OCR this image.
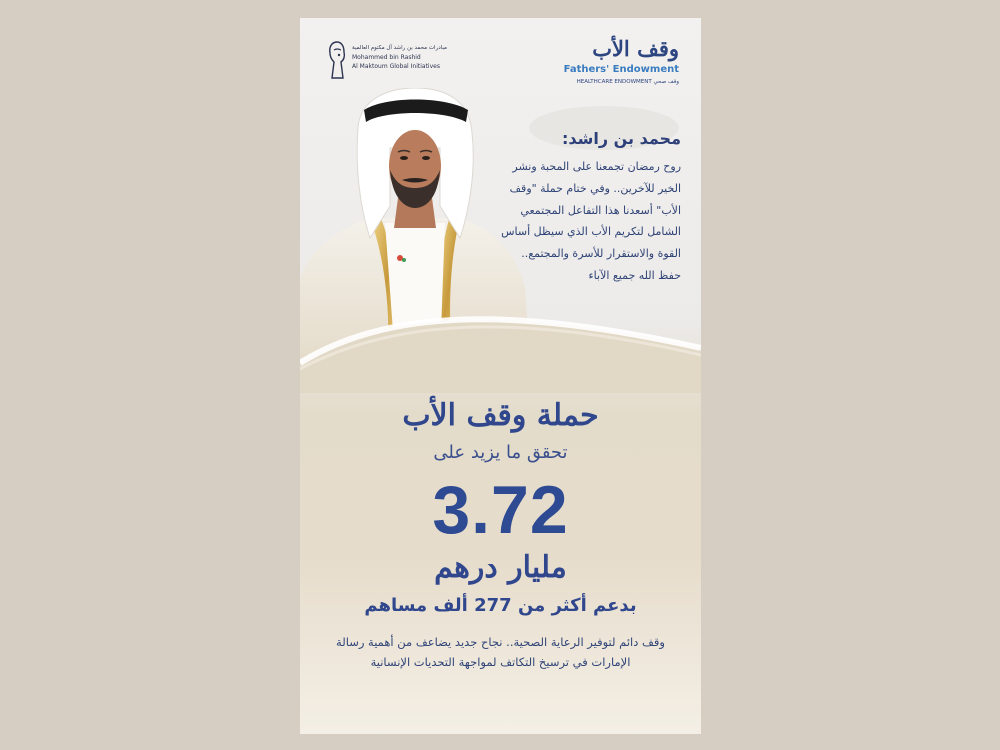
مبادرات محمد بن راشد آل مكتوم العالمية
Mohammed bin Rashid
Al Maktoum Global Initiatives
وقف الأب
Fathers' Endowment
HEALTHCARE ENDOWMENT وقف صحي

محمد بن راشد:

روح رمضان تجمعنا على المحبة ونشر الخير للآخرين.. وفي ختام حملة "وقف الأب" أسعدنا هذا التفاعل المجتمعي الشامل لتكريم الأب الذي سيظل أساس القوة والاستقرار للأسرة والمجتمع.. حفظ الله جميع الآباء

حملة وقف الأب
تحقق ما يزيد على
3.72
مليار درهم
بدعم أكثر من 277 ألف مساهم
وقف دائم لتوفير الرعاية الصحية.. نجاح جديد يضاعف من أهمية رسالة الإمارات في ترسيخ التكاتف لمواجهة التحديات الإنسانية
